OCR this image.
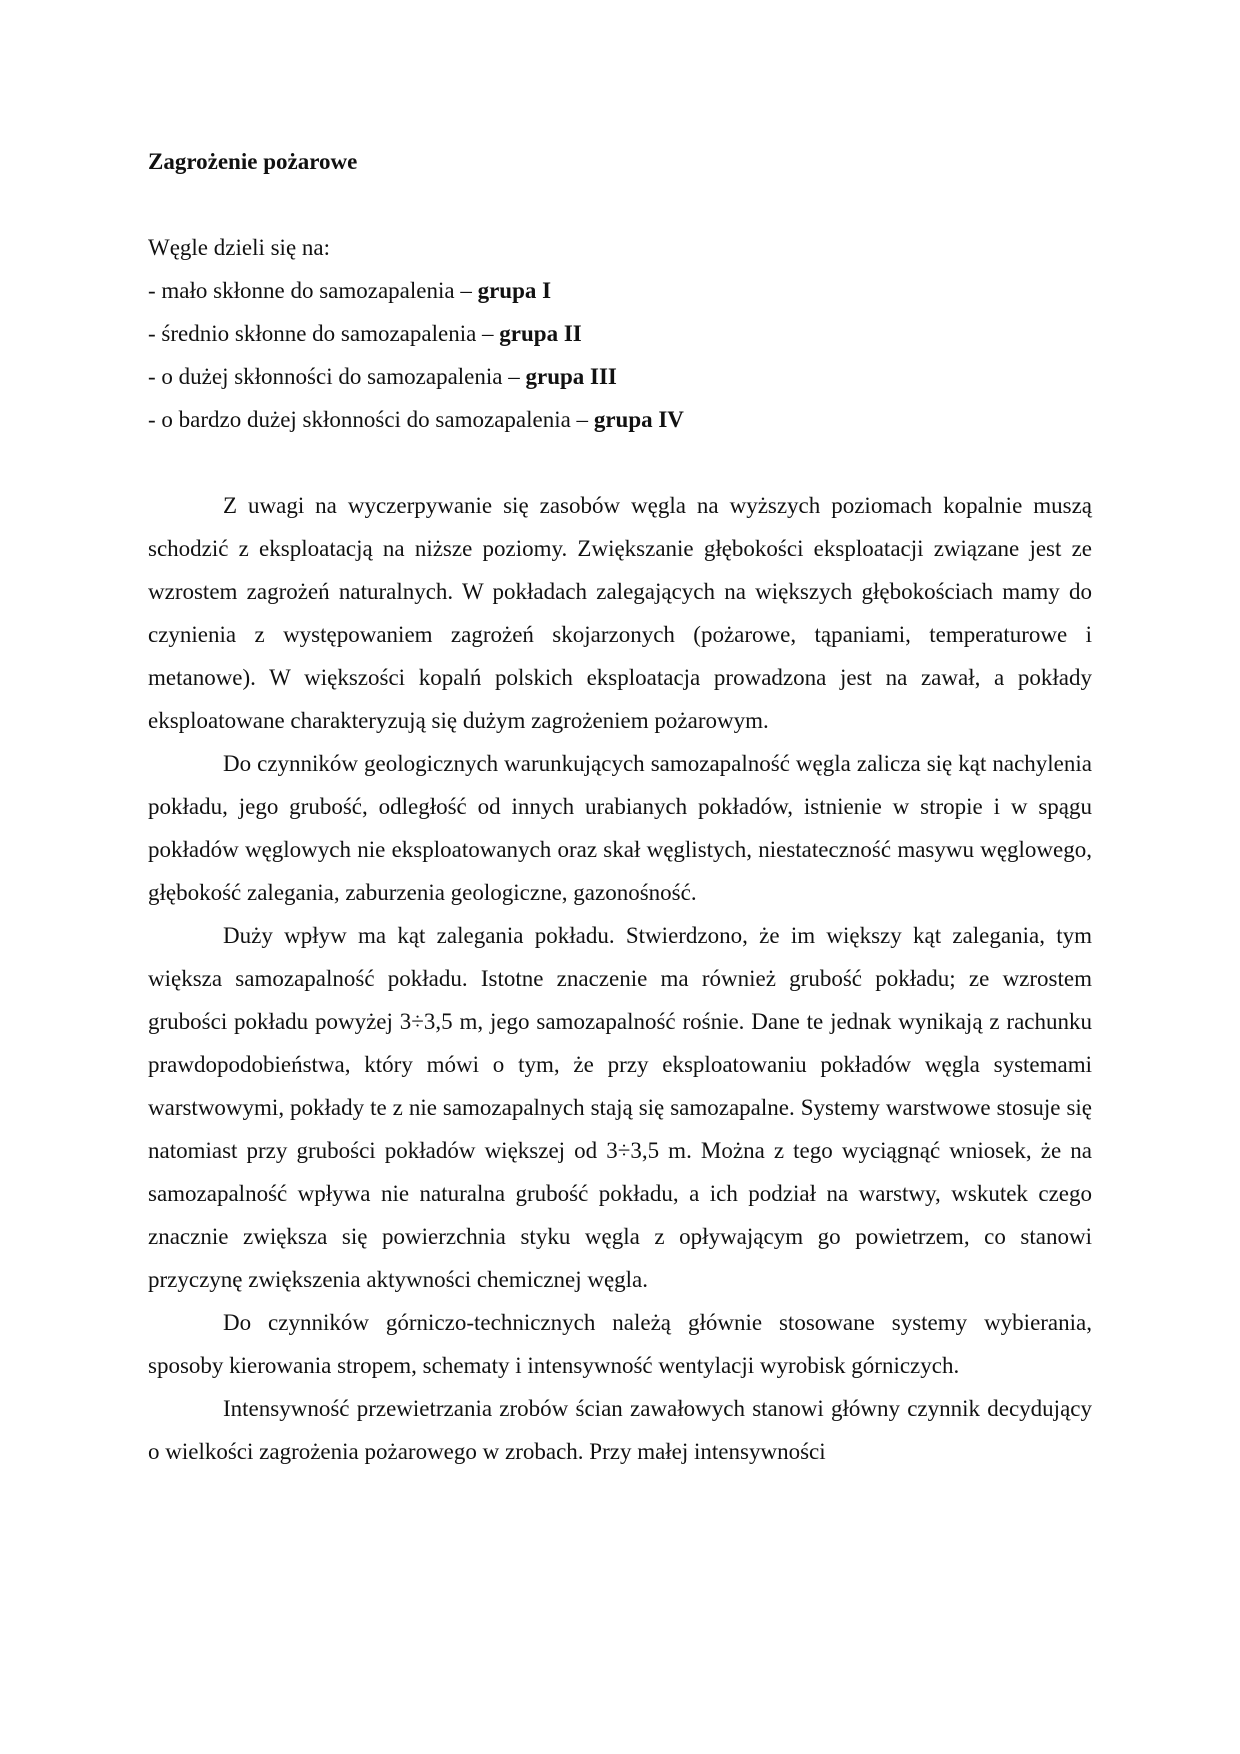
Zagrożenie pożarowe
Węgle dzieli się na:
- mało skłonne do samozapalenia – grupa I
- średnio skłonne do samozapalenia – grupa II
- o dużej skłonności do samozapalenia – grupa III
- o bardzo dużej skłonności do samozapalenia – grupa IV

Z uwagi na wyczerpywanie się zasobów węgla na wyższych poziomach kopalnie muszą schodzić z eksploatacją na niższe poziomy. Zwiększanie głębokości eksploatacji związane jest ze wzrostem zagrożeń naturalnych. W pokładach zalegających na większych głębokościach mamy do czynienia z występowaniem zagrożeń skojarzonych (pożarowe, tąpaniami, temperaturowe i metanowe). W większości kopalń polskich eksploatacja prowadzona jest na zawał, a pokłady eksploatowane charakteryzują się dużym zagrożeniem pożarowym.

Do czynników geologicznych warunkujących samozapalność węgla zalicza się kąt nachylenia pokładu, jego grubość, odległość od innych urabianych pokładów, istnienie w stropie i w spągu pokładów węglowych nie eksploatowanych oraz skał węglistych, niestateczność masywu węglowego, głębokość zalegania, zaburzenia geologiczne, gazonośność.

Duży wpływ ma kąt zalegania pokładu. Stwierdzono, że im większy kąt zalegania, tym większa samozapalność pokładu. Istotne znaczenie ma również grubość pokładu; ze wzrostem grubości pokładu powyżej 3÷3,5 m, jego samozapalność rośnie. Dane te jednak wynikają z rachunku prawdopodobieństwa, który mówi o tym, że przy eksploatowaniu pokładów węgla systemami warstwowymi, pokłady te z nie samozapalnych stają się samozapalne. Systemy warstwowe stosuje się natomiast przy grubości pokładów większej od 3÷3,5 m. Można z tego wyciągnąć wniosek, że na samozapalność wpływa nie naturalna grubość pokładu, a ich podział na warstwy, wskutek czego znacznie zwiększa się powierzchnia styku węgla z opływającym go powietrzem, co stanowi przyczynę zwiększenia aktywności chemicznej węgla.

Do czynników górniczo-technicznych należą głównie stosowane systemy wybierania, sposoby kierowania stropem, schematy i intensywność wentylacji wyrobisk górniczych.

Intensywność przewietrzania zrobów ścian zawałowych stanowi główny czynnik decydujący o wielkości zagrożenia pożarowego w zrobach. Przy małej intensywności
